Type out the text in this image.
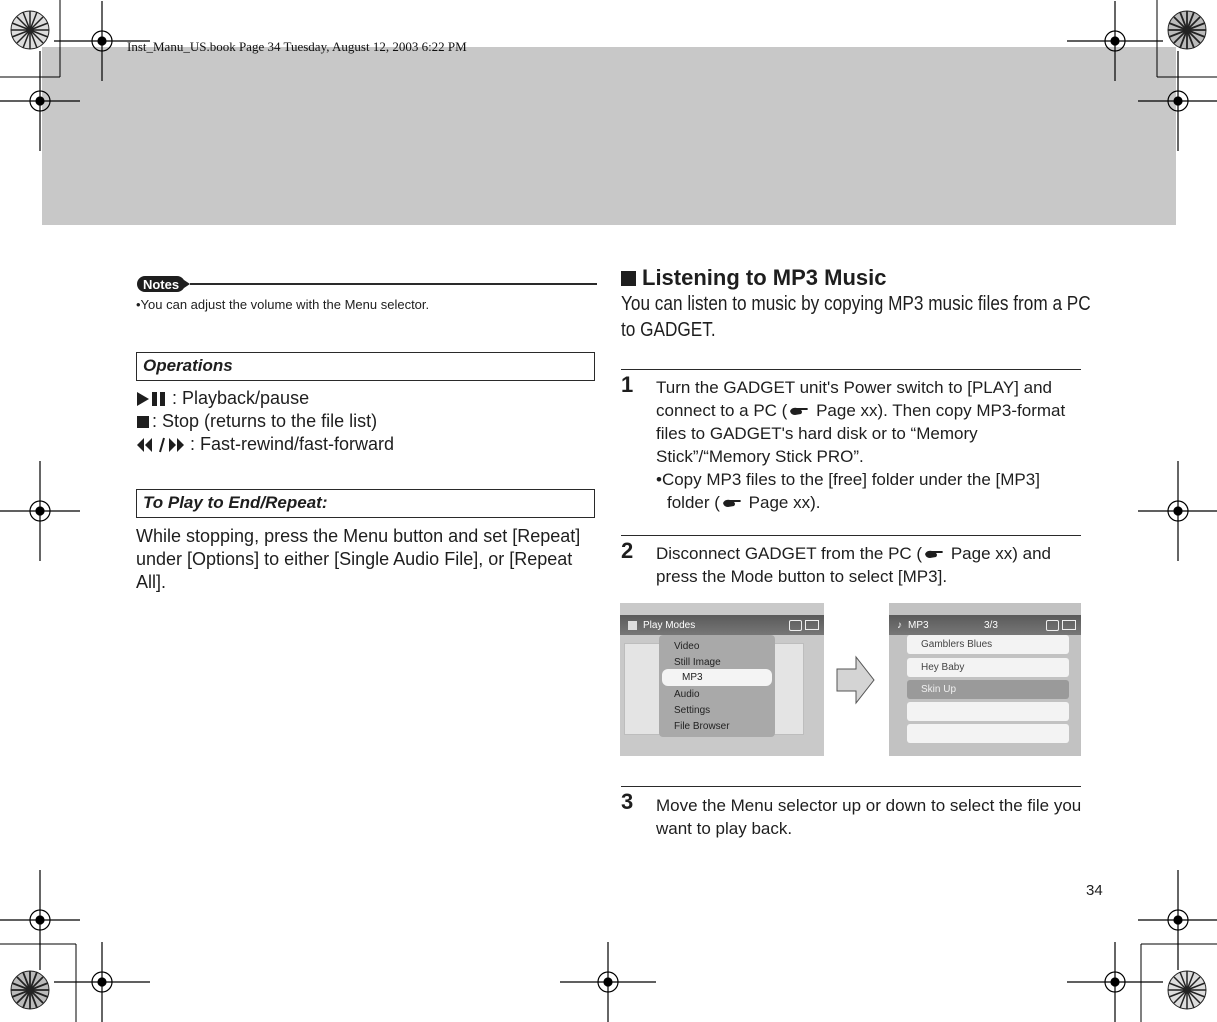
Inst_Manu_US.book Page 34 Tuesday, August 12, 2003 6:22 PM
Notes
•You can adjust the volume with the Menu selector.
Operations
: Playback/pause
: Stop (returns to the file list)
: Fast-rewind/fast-forward
To Play to End/Repeat:
While stopping, press the Menu button and set [Repeat] under [Options] to either [Single Audio File], or [Repeat All].
Listening to MP3 Music
You can listen to music by copying MP3 music files from a PC
to GADGET.
1 Turn the GADGET unit's Power switch to [PLAY] and connect to a PC ( Page xx). Then copy MP3-format files to GADGET's hard disk or to “Memory Stick”/“Memory Stick PRO”.
•Copy MP3 files to the [free] folder under the [MP3] folder ( Page xx).
2 Disconnect GADGET from the PC ( Page xx) and press the Mode button to select [MP3].
Play Modes
Video
Still Image
MP3
Audio
Settings
File Browser
♪ MP3	3/3
Gamblers Blues
Hey Baby
Skin Up
3 Move the Menu selector up or down to select the file you want to play back.
34
